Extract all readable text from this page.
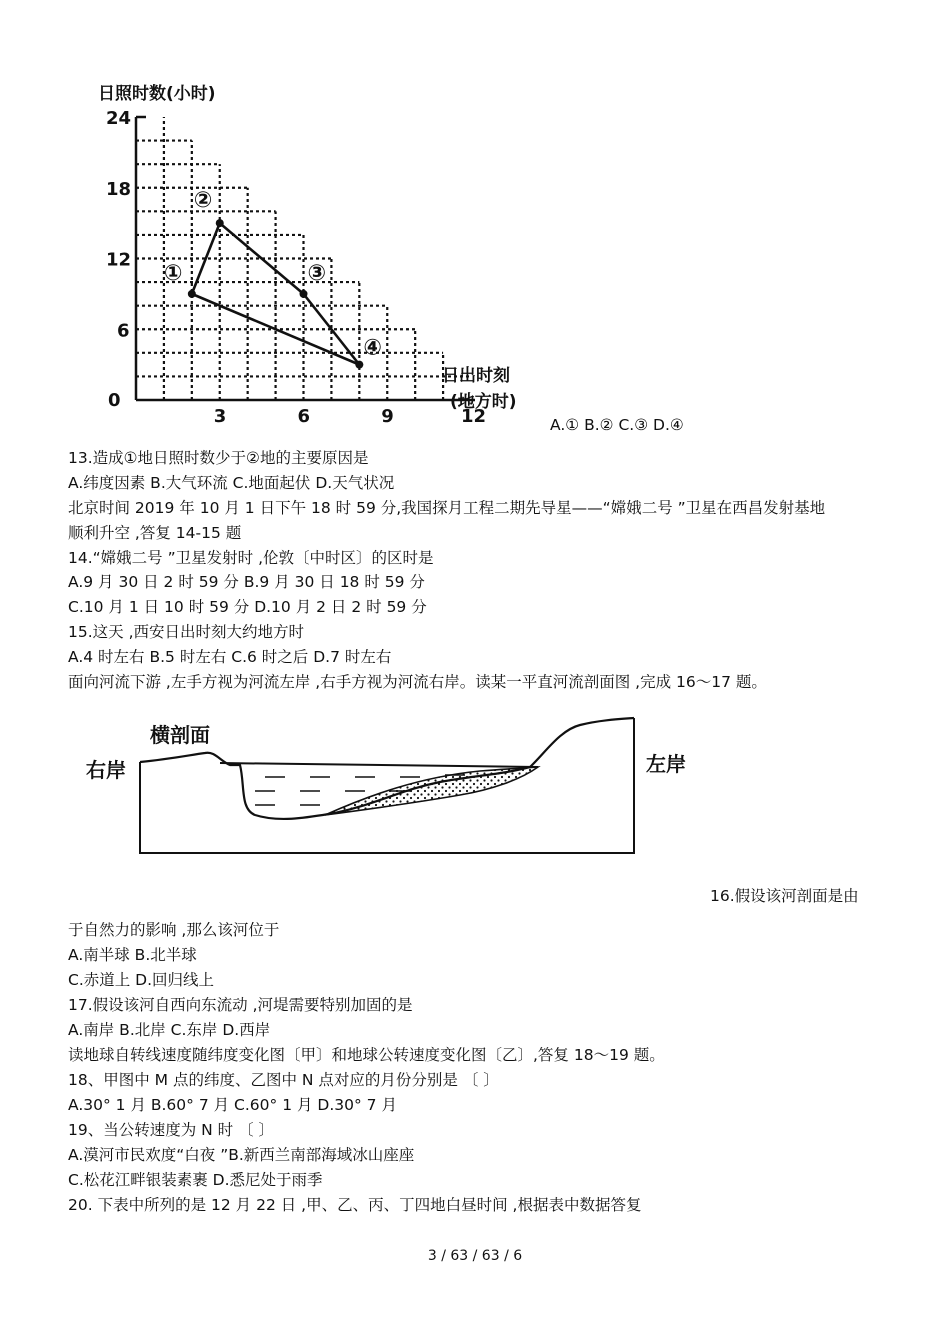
0
3	6	9	12
6
12
18
24
①
②
③
④
日照时数(小时)
日出时刻
(地方时)
A.① B.② C.③ D.④
13.造成①地日照时数少于②地的主要原因是
A.纬度因素 B.大气环流 C.地面起伏 D.天气状况
北京时间 2019 年 10 月 1 日下午 18 时 59 分,我国探月工程二期先导星——“嫦娥二号 ”卫星在西昌发射基地
顺利升空 ,答复 14-15 题
14.“嫦娥二号 ”卫星发射时 ,伦敦〔中时区〕的区时是
A.9 月 30 日 2 时 59 分 B.9 月 30 日 18 时 59 分
C.10 月 1 日 10 时 59 分 D.10 月 2 日 2 时 59 分
15.这天 ,西安日出时刻大约地方时
A.4 时左右 B.5 时左右 C.6 时之后 D.7 时左右
面向河流下游 ,左手方视为河流左岸 ,右手方视为河流右岸。读某一平直河流剖面图 ,完成 16～17 题。
横剖面
右岸	左岸
16.假设该河剖面是由
于自然力的影响 ,那么该河位于
A.南半球 B.北半球
C.赤道上 D.回归线上
17.假设该河自西向东流动 ,河堤需要特别加固的是
A.南岸 B.北岸 C.东岸 D.西岸
读地球自转线速度随纬度变化图〔甲〕和地球公转速度变化图〔乙〕,答复 18～19 题。
18、甲图中 M 点的纬度、乙图中 N 点对应的月份分别是 〔 〕
A.30° 1 月 B.60° 7 月 C.60° 1 月 D.30° 7 月
19、当公转速度为 N 时 〔 〕
A.漠河市民欢度“白夜 ”B.新西兰南部海域冰山座座
C.松花江畔银装素裹 D.悉尼处于雨季
20. 下表中所列的是 12 月 22 日 ,甲、乙、丙、丁四地白昼时间 ,根据表中数据答复
3 / 63 / 63 / 6
